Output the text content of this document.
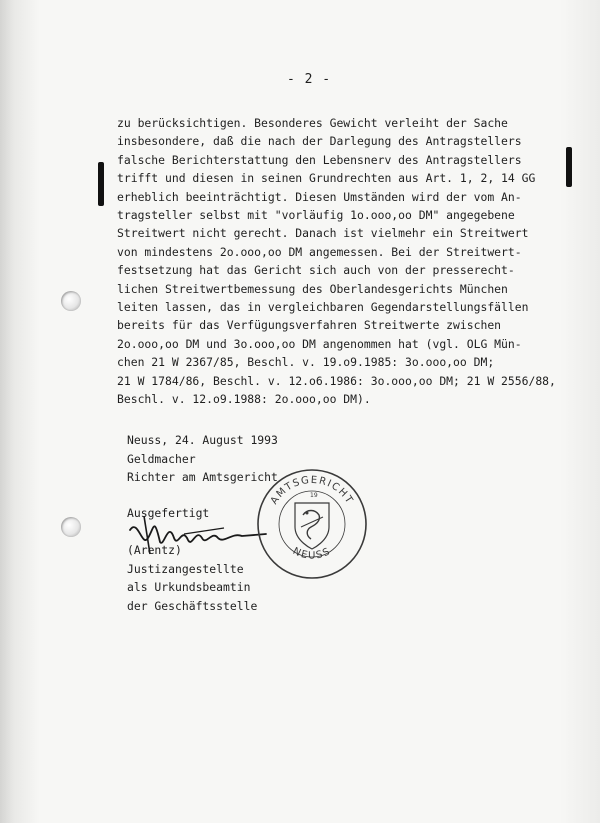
- 2 -
zu berücksichtigen. Besonderes Gewicht verleiht der Sache
insbesondere, daß die nach der Darlegung des Antragstellers
falsche Berichterstattung den Lebensnerv des Antragstellers
trifft und diesen in seinen Grundrechten aus Art. 1, 2, 14 GG
erheblich beeinträchtigt. Diesen Umständen wird der vom An-
tragsteller selbst mit "vorläufig 1o.ooo,oo DM" angegebene
Streitwert nicht gerecht. Danach ist vielmehr ein Streitwert
von mindestens 2o.ooo,oo DM angemessen. Bei der Streitwert-
festsetzung hat das Gericht sich auch von der presserecht-
lichen Streitwertbemessung des Oberlandesgerichts München
leiten lassen, das in vergleichbaren Gegendarstellungsfällen
bereits für das Verfügungsverfahren Streitwerte zwischen
2o.ooo,oo DM und 3o.ooo,oo DM angenommen hat (vgl. OLG Mün-
chen 21 W 2367/85, Beschl. v. 19.o9.1985: 3o.ooo,oo DM;
21 W 1784/86, Beschl. v. 12.o6.1986: 3o.ooo,oo DM; 21 W 2556/88,
Beschl. v. 12.o9.1988: 2o.ooo,oo DM).
Neuss, 24. August 1993
Geldmacher
Richter am Amtsgericht
Ausgefertigt
(Arentz)
Justizangestellte
als Urkundsbeamtin
der Geschäftsstelle
AMTSGERICHT
NEUSS
19
